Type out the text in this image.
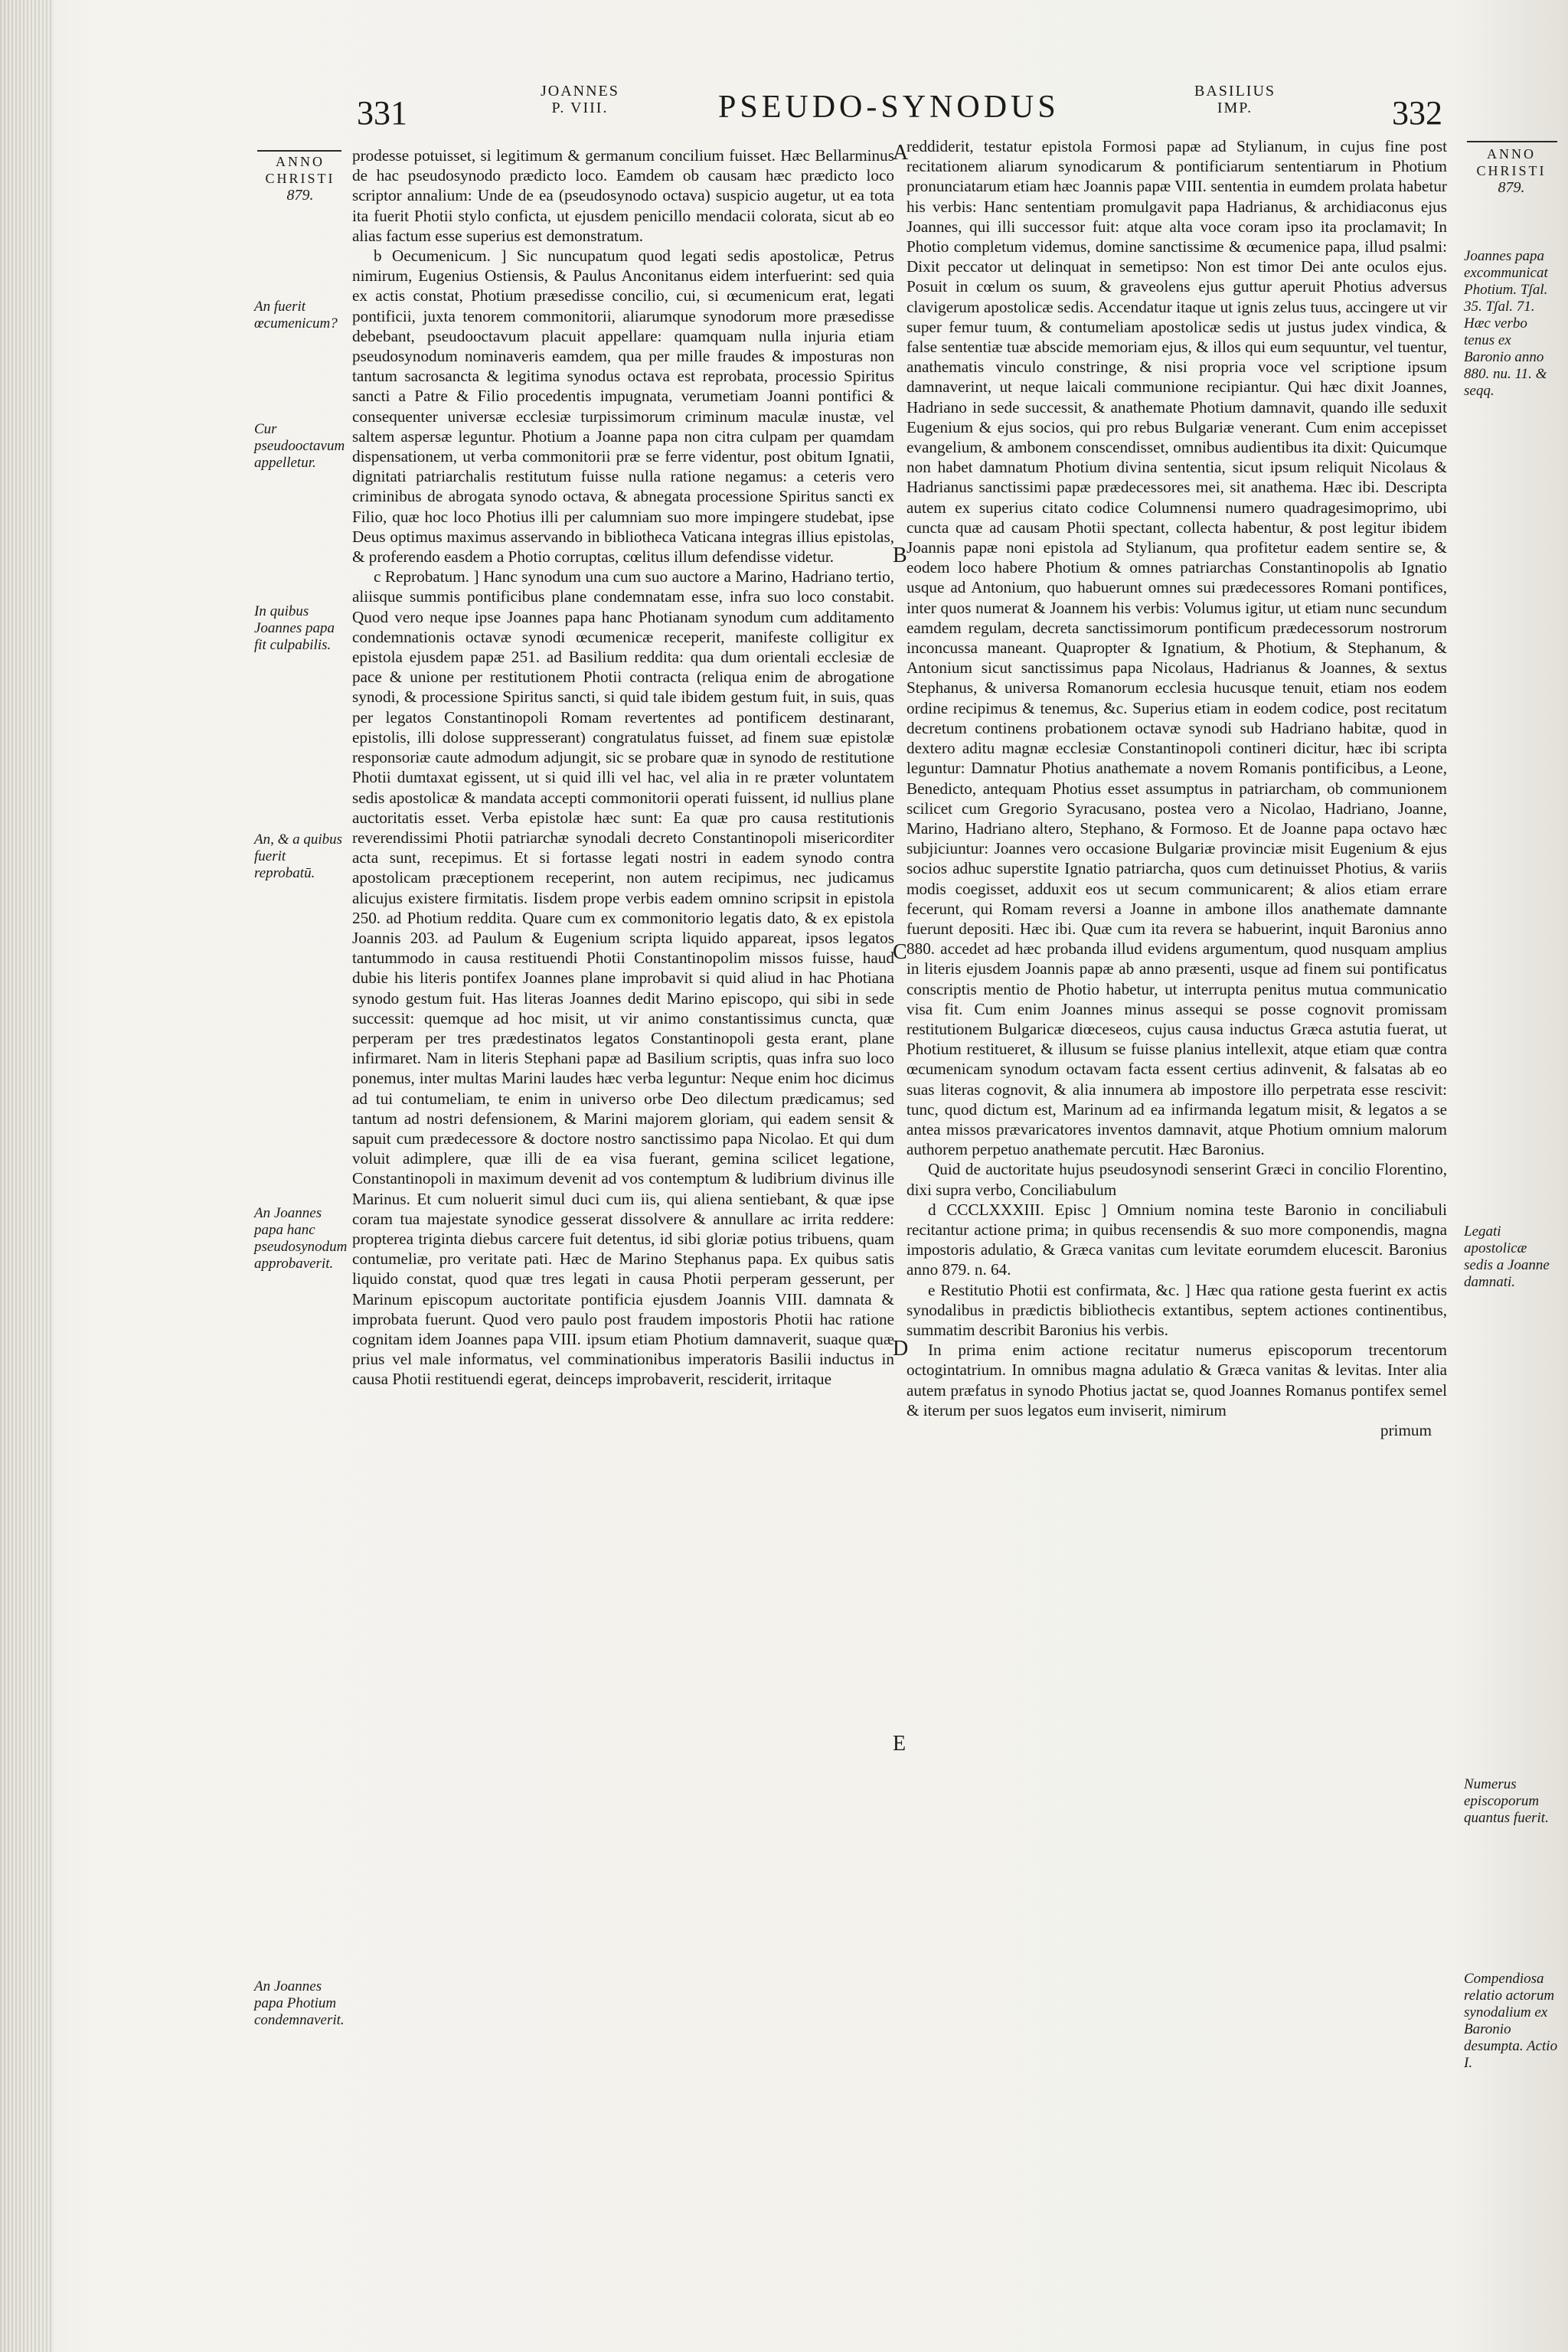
331
JOANNES
P. VIII.	PSEUDO-SYNODUS	BASILIUS
IMP.	332
ANNO
CHRISTI
879.
An fuerit œcumenicum?
Cur pseudooctavum appelletur.
In quibus Joannes papa fit culpabilis.
An, & a quibus fuerit reprobatū.
An Joannes papa hanc pseudosynodum approbaverit.
An Joannes papa Photium condemnaverit.
ANNO
CHRISTI
879.
Joannes papa excommunicat Photium. Tʃal. 35. Tʃal. 71. Hæc verbo tenus ex Baronio anno 880. nu. 11. & seqq.
Legati apostolicæ sedis a Joanne damnati.
Numerus episcoporum quantus fuerit.
Compendiosa relatio actorum synodalium ex Baronio desumpta. Actio I.
A
B
C
D
E

prodesse potuisset, si legitimum & germanum concilium fuisset. Hæc Bellarminus de hac pseudosynodo prædicto loco. Eamdem ob causam hæc prædicto loco scriptor annalium: Unde de ea (pseudosynodo octava) suspicio augetur, ut ea tota ita fuerit Photii stylo conficta, ut ejusdem penicillo mendacii colorata, sicut ab eo alias factum esse superius est demonstratum.

b Oecumenicum. ] Sic nuncupatum quod legati sedis apostolicæ, Petrus nimirum, Eugenius Ostiensis, & Paulus Anconitanus eidem interfuerint: sed quia ex actis constat, Photium præsedisse concilio, cui, si œcumenicum erat, legati pontificii, juxta tenorem commonitorii, aliarumque synodorum more præsedisse debebant, pseudooctavum placuit appellare: quamquam nulla injuria etiam pseudosynodum nominaveris eamdem, qua per mille fraudes & imposturas non tantum sacrosancta & legitima synodus octava est reprobata, processio Spiritus sancti a Patre & Filio procedentis impugnata, verumetiam Joanni pontifici & consequenter universæ ecclesiæ turpissimorum criminum maculæ inustæ, vel saltem aspersæ leguntur. Photium a Joanne papa non citra culpam per quamdam dispensationem, ut verba commonitorii præ se ferre videntur, post obitum Ignatii, dignitati patriarchalis restitutum fuisse nulla ratione negamus: a ceteris vero criminibus de abrogata synodo octava, & abnegata processione Spiritus sancti ex Filio, quæ hoc loco Photius illi per calumniam suo more impingere studebat, ipse Deus optimus maximus asservando in bibliotheca Vaticana integras illius epistolas, & proferendo easdem a Photio corruptas, cœlitus illum defendisse videtur.

c Reprobatum. ] Hanc synodum una cum suo auctore a Marino, Hadriano tertio, aliisque summis pontificibus plane condemnatam esse, infra suo loco constabit. Quod vero neque ipse Joannes papa hanc Photianam synodum cum additamento condemnationis octavæ synodi œcumenicæ receperit, manifeste colligitur ex epistola ejusdem papæ 251. ad Basilium reddita: qua dum orientali ecclesiæ de pace & unione per restitutionem Photii contracta (reliqua enim de abrogatione synodi, & processione Spiritus sancti, si quid tale ibidem gestum fuit, in suis, quas per legatos Constantinopoli Romam revertentes ad pontificem destinarant, epistolis, illi dolose suppresserant) congratulatus fuisset, ad finem suæ epistolæ responsoriæ caute admodum adjungit, sic se probare quæ in synodo de restitutione Photii dumtaxat egissent, ut si quid illi vel hac, vel alia in re præter voluntatem sedis apostolicæ & mandata accepti commonitorii operati fuissent, id nullius plane auctoritatis esset. Verba epistolæ hæc sunt: Ea quæ pro causa restitutionis reverendissimi Photii patriarchæ synodali decreto Constantinopoli misericorditer acta sunt, recepimus. Et si fortasse legati nostri in eadem synodo contra apostolicam præceptionem receperint, non autem recipimus, nec judicamus alicujus existere firmitatis. Iisdem prope verbis eadem omnino scripsit in epistola 250. ad Photium reddita. Quare cum ex commonitorio legatis dato, & ex epistola Joannis 203. ad Paulum & Eugenium scripta liquido appareat, ipsos legatos tantummodo in causa restituendi Photii Constantinopolim missos fuisse, haud dubie his literis pontifex Joannes plane improbavit si quid aliud in hac Photiana synodo gestum fuit. Has literas Joannes dedit Marino episcopo, qui sibi in sede successit: quemque ad hoc misit, ut vir animo constantissimus cuncta, quæ perperam per tres prædestinatos legatos Constantinopoli gesta erant, plane infirmaret. Nam in literis Stephani papæ ad Basilium scriptis, quas infra suo loco ponemus, inter multas Marini laudes hæc verba leguntur: Neque enim hoc dicimus ad tui contumeliam, te enim in universo orbe Deo dilectum prædicamus; sed tantum ad nostri defensionem, & Marini majorem gloriam, qui eadem sensit & sapuit cum prædecessore & doctore nostro sanctissimo papa Nicolao. Et qui dum voluit adimplere, quæ illi de ea visa fuerant, gemina scilicet legatione, Constantinopoli in maximum devenit ad vos contemptum & ludibrium divinus ille Marinus. Et cum noluerit simul duci cum iis, qui aliena sentiebant, & quæ ipse coram tua majestate synodice gesserat dissolvere & annullare ac irrita reddere: propterea triginta diebus carcere fuit detentus, id sibi gloriæ potius tribuens, quam contumeliæ, pro veritate pati. Hæc de Marino Stephanus papa. Ex quibus satis liquido constat, quod quæ tres legati in causa Photii perperam gesserunt, per Marinum episcopum auctoritate pontificia ejusdem Joannis VIII. damnata & improbata fuerunt. Quod vero paulo post fraudem impostoris Photii hac ratione cognitam idem Joannes papa VIII. ipsum etiam Photium damnaverit, suaque quæ prius vel male informatus, vel comminationibus imperatoris Basilii inductus in causa Photii restituendi egerat, deinceps improbaverit, resciderit, irritaque

reddiderit, testatur epistola Formosi papæ ad Stylianum, in cujus fine post recitationem aliarum synodicarum & pontificiarum sententiarum in Photium pronunciatarum etiam hæc Joannis papæ VIII. sententia in eumdem prolata habetur his verbis: Hanc sententiam promulgavit papa Hadrianus, & archidiaconus ejus Joannes, qui illi successor fuit: atque alta voce coram ipso ita proclamavit; In Photio completum videmus, domine sanctissime & œcumenice papa, illud psalmi: Dixit peccator ut delinquat in semetipso: Non est timor Dei ante oculos ejus. Posuit in cœlum os suum, & graveolens ejus guttur aperuit Photius adversus clavigerum apostolicæ sedis. Accendatur itaque ut ignis zelus tuus, accingere ut vir super femur tuum, & contumeliam apostolicæ sedis ut justus judex vindica, & false sententiæ tuæ abscide memoriam ejus, & illos qui eum sequuntur, vel tuentur, anathematis vinculo constringe, & nisi propria voce vel scriptione ipsum damnaverint, ut neque laicali communione recipiantur. Qui hæc dixit Joannes, Hadriano in sede successit, & anathemate Photium damnavit, quando ille seduxit Eugenium & ejus socios, qui pro rebus Bulgariæ venerant. Cum enim accepisset evangelium, & ambonem conscendisset, omnibus audientibus ita dixit: Quicumque non habet damnatum Photium divina sententia, sicut ipsum reliquit Nicolaus & Hadrianus sanctissimi papæ prædecessores mei, sit anathema. Hæc ibi. Descripta autem ex superius citato codice Columnensi numero quadragesimoprimo, ubi cuncta quæ ad causam Photii spectant, collecta habentur, & post legitur ibidem Joannis papæ noni epistola ad Stylianum, qua profitetur eadem sentire se, & eodem loco habere Photium & omnes patriarchas Constantinopolis ab Ignatio usque ad Antonium, quo habuerunt omnes sui prædecessores Romani pontifices, inter quos numerat & Joannem his verbis: Volumus igitur, ut etiam nunc secundum eamdem regulam, decreta sanctissimorum pontificum prædecessorum nostrorum inconcussa maneant. Quapropter & Ignatium, & Photium, & Stephanum, & Antonium sicut sanctissimus papa Nicolaus, Hadrianus & Joannes, & sextus Stephanus, & universa Romanorum ecclesia hucusque tenuit, etiam nos eodem ordine recipimus & tenemus, &c. Superius etiam in eodem codice, post recitatum decretum continens probationem octavæ synodi sub Hadriano habitæ, quod in dextero aditu magnæ ecclesiæ Constantinopoli contineri dicitur, hæc ibi scripta leguntur: Damnatur Photius anathemate a novem Romanis pontificibus, a Leone, Benedicto, antequam Photius esset assumptus in patriarcham, ob communionem scilicet cum Gregorio Syracusano, postea vero a Nicolao, Hadriano, Joanne, Marino, Hadriano altero, Stephano, & Formoso. Et de Joanne papa octavo hæc subjiciuntur: Joannes vero occasione Bulgariæ provinciæ misit Eugenium & ejus socios adhuc superstite Ignatio patriarcha, quos cum detinuisset Photius, & variis modis coegisset, adduxit eos ut secum communicarent; & alios etiam errare fecerunt, qui Romam reversi a Joanne in ambone illos anathemate damnante fuerunt depositi. Hæc ibi. Quæ cum ita revera se habuerint, inquit Baronius anno 880. accedet ad hæc probanda illud evidens argumentum, quod nusquam amplius in literis ejusdem Joannis papæ ab anno præsenti, usque ad finem sui pontificatus conscriptis mentio de Photio habetur, ut interrupta penitus mutua communicatio visa fit. Cum enim Joannes minus assequi se posse cognovit promissam restitutionem Bulgaricæ diœceseos, cujus causa inductus Græca astutia fuerat, ut Photium restitueret, & illusum se fuisse planius intellexit, atque etiam quæ contra œcumenicam synodum octavam facta essent certius adinvenit, & falsatas ab eo suas literas cognovit, & alia innumera ab impostore illo perpetrata esse rescivit: tunc, quod dictum est, Marinum ad ea infirmanda legatum misit, & legatos a se antea missos prævaricatores inventos damnavit, atque Photium omnium malorum authorem perpetuo anathemate percutit. Hæc Baronius.

Quid de auctoritate hujus pseudosynodi senserint Græci in concilio Florentino, dixi supra verbo, Conciliabulum

d CCCLXXXIII. Episc ] Omnium nomina teste Baronio in conciliabuli recitantur actione prima; in quibus recensendis & suo more componendis, magna impostoris adulatio, & Græca vanitas cum levitate eorumdem elucescit. Baronius anno 879. n. 64.

e Restitutio Photii est confirmata, &c. ] Hæc qua ratione gesta fuerint ex actis synodalibus in prædictis bibliothecis extantibus, septem actiones continentibus, summatim describit Baronius his verbis.

In prima enim actione recitatur numerus episcoporum trecentorum octogintatrium. In omnibus magna adulatio & Græca vanitas & levitas. Inter alia autem præfatus in synodo Photius jactat se, quod Joannes Romanus pontifex semel & iterum per suos legatos eum inviserit, nimirum

primum
